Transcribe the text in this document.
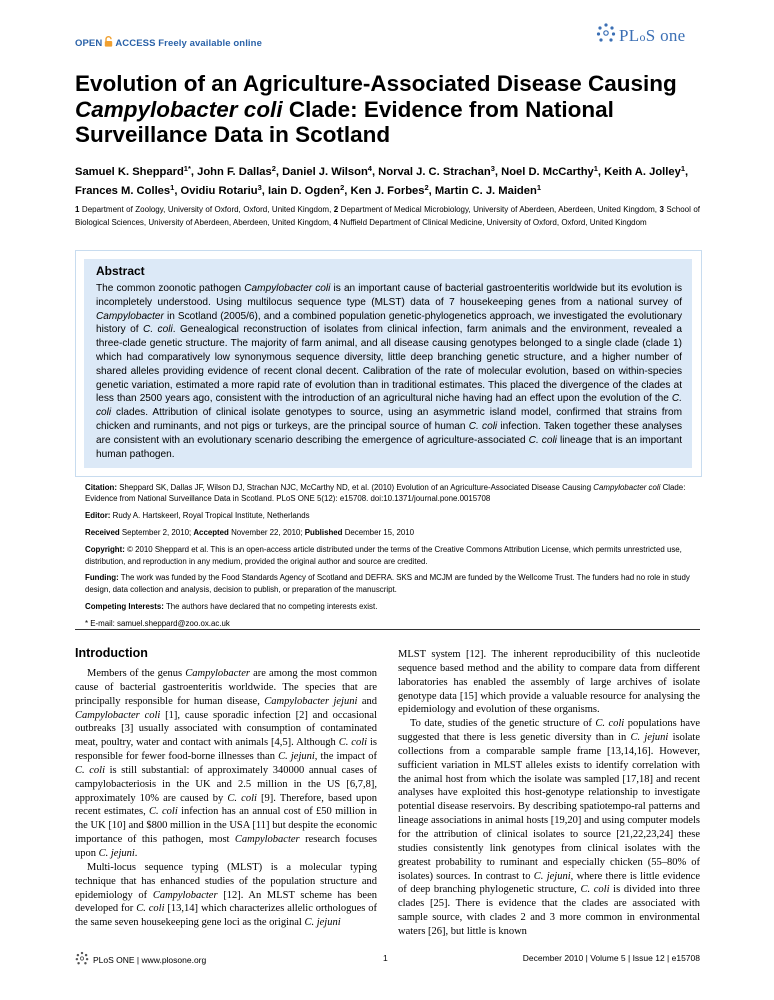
OPEN ACCESS Freely available online	PLoS one
Evolution of an Agriculture-Associated Disease Causing
Campylobacter coli Clade: Evidence from National
Surveillance Data in Scotland
Samuel K. Sheppard$^{1*}$, John F. Dallas$^2$, Daniel J. Wilson$^4$, Norval J. C. Strachan$^3$, Noel D. McCarthy$^1$, Keith A. Jolley$^1$, Frances M. Colles$^1$, Ovidiu Rotariu$^3$, Iain D. Ogden$^2$, Ken J. Forbes$^2$, Martin C. J. Maiden$^1$
1 Department of Zoology, University of Oxford, Oxford, United Kingdom, 2 Department of Medical Microbiology, University of Aberdeen, Aberdeen, United Kingdom, 3 School of Biological Sciences, University of Aberdeen, Aberdeen, United Kingdom, 4 Nuffield Department of Clinical Medicine, University of Oxford, Oxford, United Kingdom
Abstract
The common zoonotic pathogen Campylobacter coli is an important cause of bacterial gastroenteritis worldwide but its evolution is incompletely understood. Using multilocus sequence type (MLST) data of 7 housekeeping genes from a national survey of Campylobacter in Scotland (2005/6), and a combined population genetic-phylogenetics approach, we investigated the evolutionary history of C. coli. Genealogical reconstruction of isolates from clinical infection, farm animals and the environment, revealed a three-clade genetic structure. The majority of farm animal, and all disease causing genotypes belonged to a single clade (clade 1) which had comparatively low synonymous sequence diversity, little deep branching genetic structure, and a higher number of shared alleles providing evidence of recent clonal decent. Calibration of the rate of molecular evolution, based on within-species genetic variation, estimated a more rapid rate of evolution than in traditional estimates. This placed the divergence of the clades at less than 2500 years ago, consistent with the introduction of an agricultural niche having had an effect upon the evolution of the C. coli clades. Attribution of clinical isolate genotypes to source, using an asymmetric island model, confirmed that strains from chicken and ruminants, and not pigs or turkeys, are the principal source of human C. coli infection. Taken together these analyses are consistent with an evolutionary scenario describing the emergence of agriculture-associated C. coli lineage that is an important human pathogen.

Citation: Sheppard SK, Dallas JF, Wilson DJ, Strachan NJC, McCarthy ND, et al. (2010) Evolution of an Agriculture-Associated Disease Causing Campylobacter coli Clade: Evidence from National Surveillance Data in Scotland. PLoS ONE 5(12): e15708. doi:10.1371/journal.pone.0015708

Editor: Rudy A. Hartskeerl, Royal Tropical Institute, Netherlands

Received September 2, 2010; Accepted November 22, 2010; Published December 15, 2010

Copyright: © 2010 Sheppard et al. This is an open-access article distributed under the terms of the Creative Commons Attribution License, which permits unrestricted use, distribution, and reproduction in any medium, provided the original author and source are credited.

Funding: The work was funded by the Food Standards Agency of Scotland and DEFRA. SKS and MCJM are funded by the Wellcome Trust. The funders had no role in study design, data collection and analysis, decision to publish, or preparation of the manuscript.

Competing Interests: The authors have declared that no competing interests exist.

* E-mail: samuel.sheppard@zoo.ox.ac.uk

Introduction

Members of the genus Campylobacter are among the most common cause of bacterial gastroenteritis worldwide. The species that are principally responsible for human disease, Campylobacter jejuni and Campylobacter coli [1], cause sporadic infection [2] and occasional outbreaks [3] usually associated with consumption of contaminated meat, poultry, water and contact with animals [4,5]. Although C. coli is responsible for fewer food-borne illnesses than C. jejuni, the impact of C. coli is still substantial: of approximately 340000 annual cases of campylobacteriosis in the UK and 2.5 million in the US [6,7,8], approximately 10% are caused by C. coli [9]. Therefore, based upon recent estimates, C. coli infection has an annual cost of £50 million in the UK [10] and $800 million in the USA [11] but despite the economic importance of this pathogen, most Campylobacter research focuses upon C. jejuni.

Multi-locus sequence typing (MLST) is a molecular typing technique that has enhanced studies of the population structure and epidemiology of Campylobacter [12]. An MLST scheme has been developed for C. coli [13,14] which characterizes allelic orthologues of the same seven housekeeping gene loci as the original C. jejuni

MLST system [12]. The inherent reproducibility of this nucleotide sequence based method and the ability to compare data from different laboratories has enabled the assembly of large archives of isolate genotype data [15] which provide a valuable resource for analysing the epidemiology and evolution of these organisms.

To date, studies of the genetic structure of C. coli populations have suggested that there is less genetic diversity than in C. jejuni isolate collections from a comparable sample frame [13,14,16]. However, sufficient variation in MLST alleles exists to identify correlation with the animal host from which the isolate was sampled [17,18] and recent analyses have exploited this host-genotype relationship to investigate potential disease reservoirs. By describing spatiotempo-ral patterns and lineage associations in animal hosts [19,20] and using computer models for the attribution of clinical isolates to source [21,22,23,24] these studies consistently link genotypes from clinical isolates with the greatest probability to ruminant and especially chicken (55–80% of isolates) sources. In contrast to C. jejuni, where there is little evidence of deep branching phylogenetic structure, C. coli is divided into three clades [25]. There is evidence that the clades are associated with sample source, with clades 2 and 3 more common in environmental waters [26], but little is known

PLoS ONE | www.plosone.org	1	December 2010 | Volume 5 | Issue 12 | e15708
